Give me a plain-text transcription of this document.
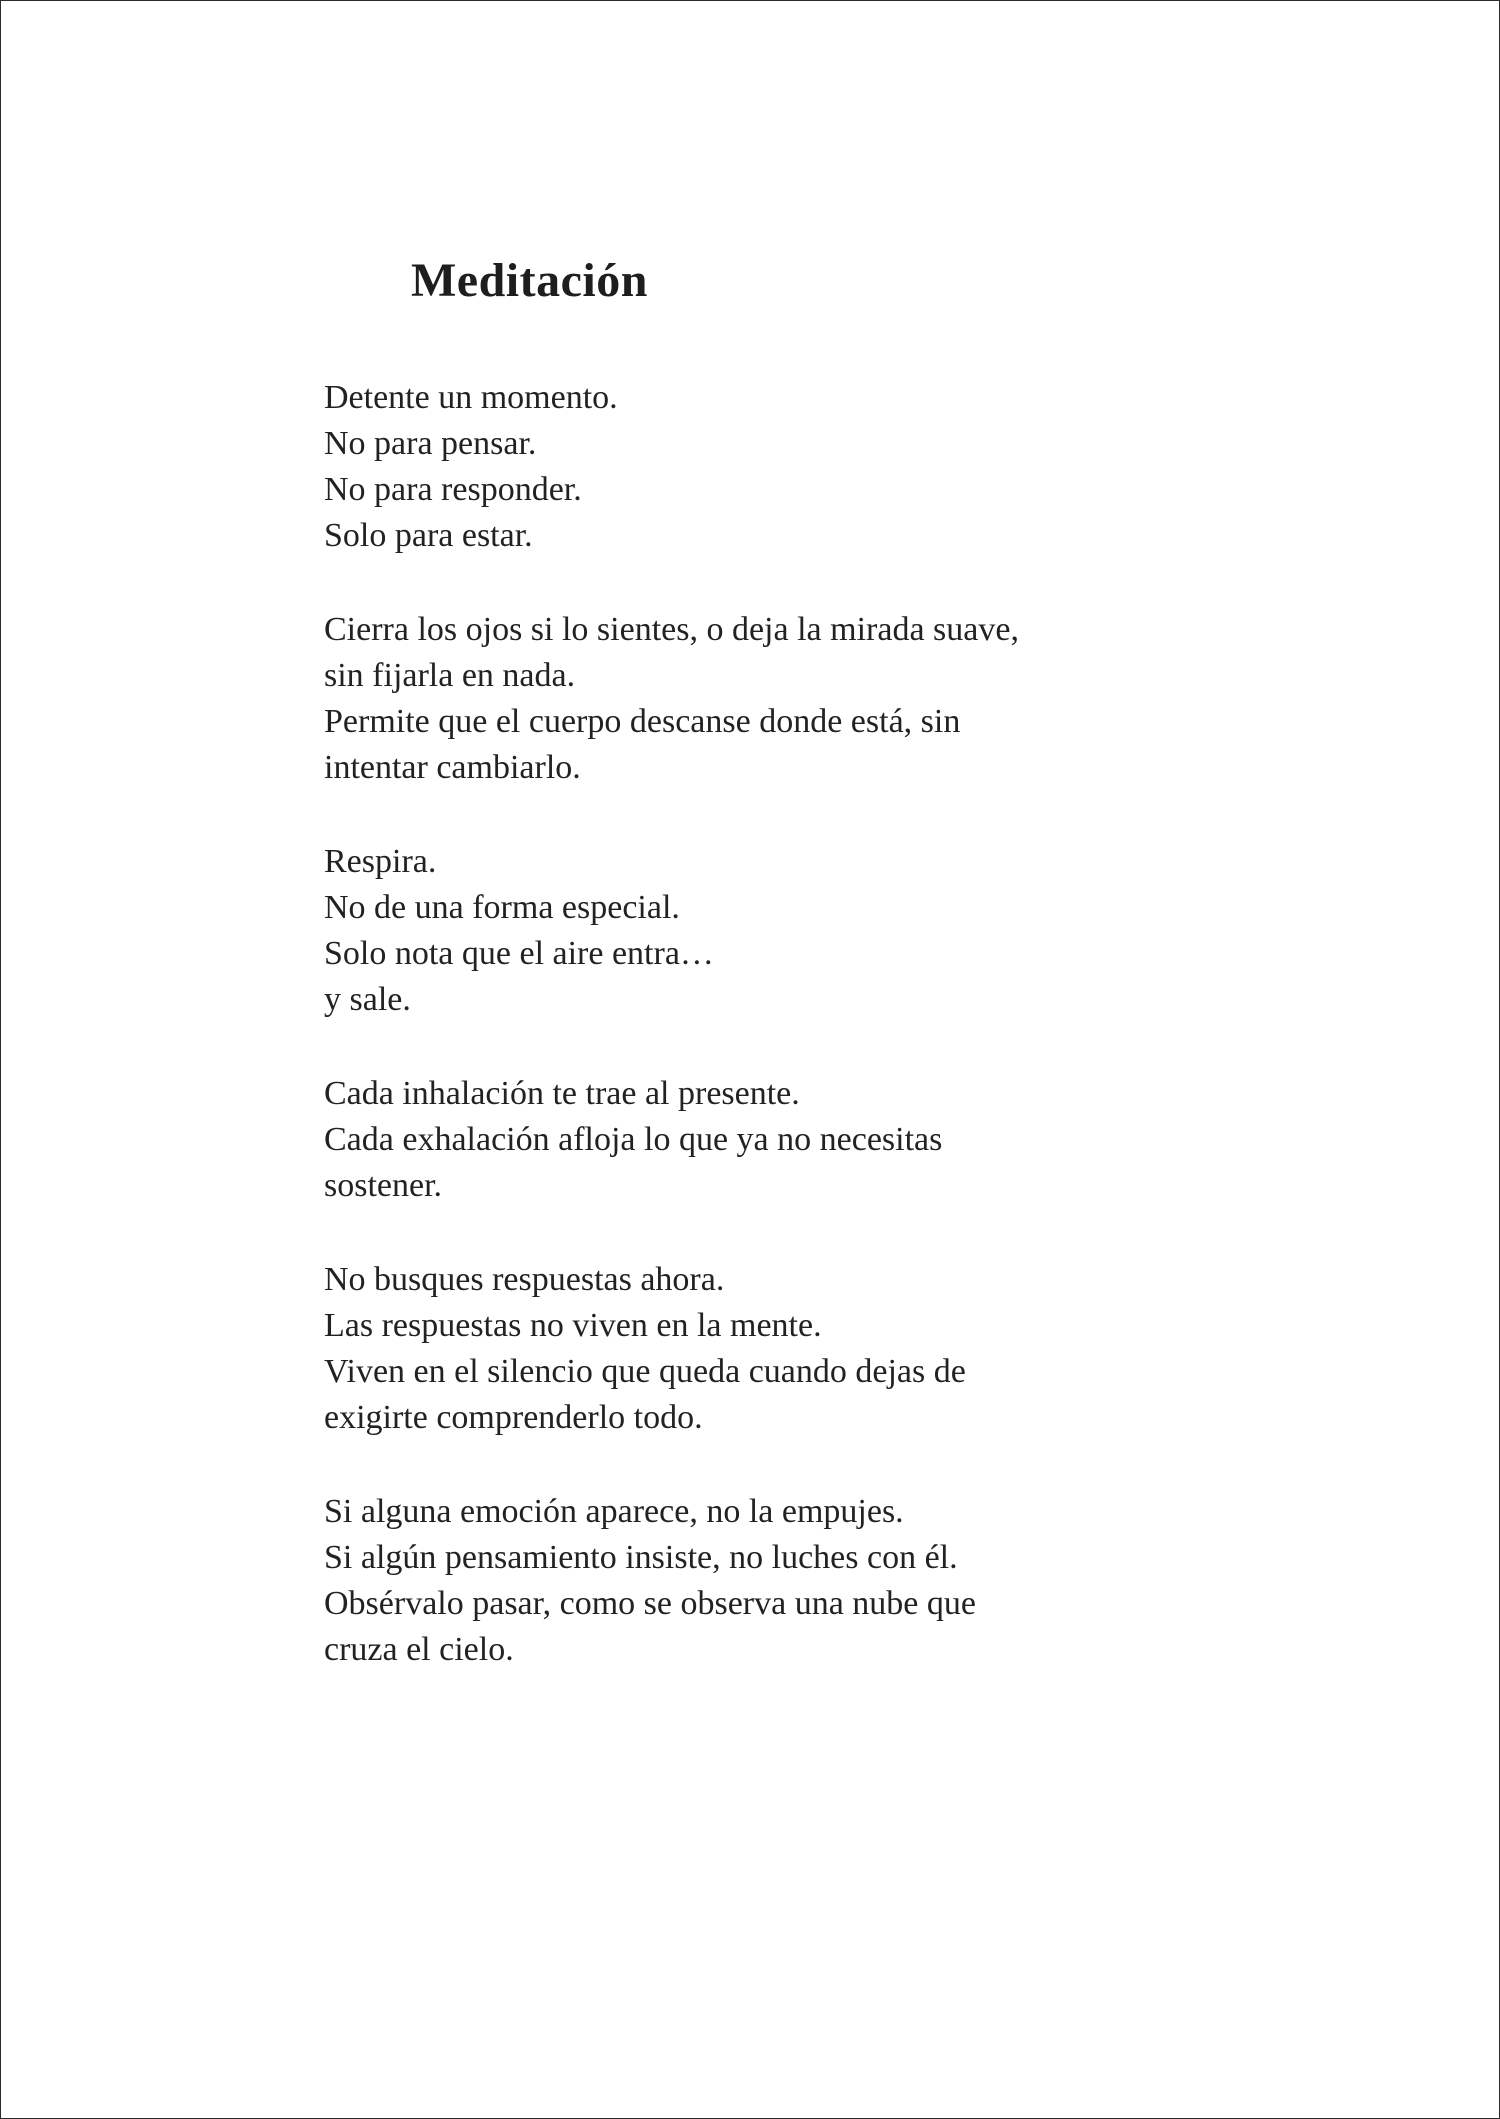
Meditación
Detente un momento.
No para pensar.
No para responder.
Solo para estar.
Cierra los ojos si lo sientes, o deja la mirada suave,
sin fijarla en nada.
Permite que el cuerpo descanse donde está, sin
intentar cambiarlo.
Respira.
No de una forma especial.
Solo nota que el aire entra…
y sale.
Cada inhalación te trae al presente.
Cada exhalación afloja lo que ya no necesitas
sostener.
No busques respuestas ahora.
Las respuestas no viven en la mente.
Viven en el silencio que queda cuando dejas de
exigirte comprenderlo todo.
Si alguna emoción aparece, no la empujes.
Si algún pensamiento insiste, no luches con él.
Obsérvalo pasar, como se observa una nube que
cruza el cielo.
